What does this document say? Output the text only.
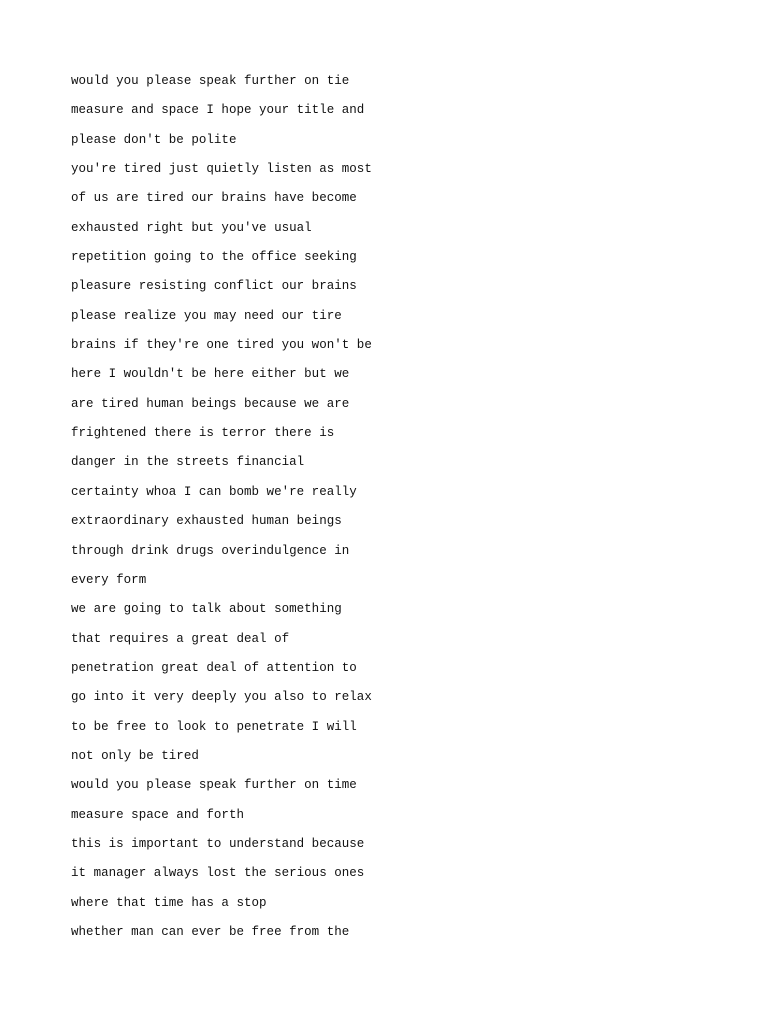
would you please speak further on tie
measure and space I hope your title and
please don't be polite
you're tired just quietly listen as most
of us are tired our brains have become
exhausted right but you've usual
repetition going to the office seeking
pleasure resisting conflict our brains
please realize you may need our tire
brains if they're one tired you won't be
here I wouldn't be here either but we
are tired human beings because we are
frightened there is terror there is
danger in the streets financial
certainty whoa I can bomb we're really
extraordinary exhausted human beings
through drink drugs overindulgence in
every form
we are going to talk about something
that requires a great deal of
penetration great deal of attention to
go into it very deeply you also to relax
to be free to look to penetrate I will
not only be tired
would you please speak further on time
measure space and forth
this is important to understand because
it manager always lost the serious ones
where that time has a stop
whether man can ever be free from the
